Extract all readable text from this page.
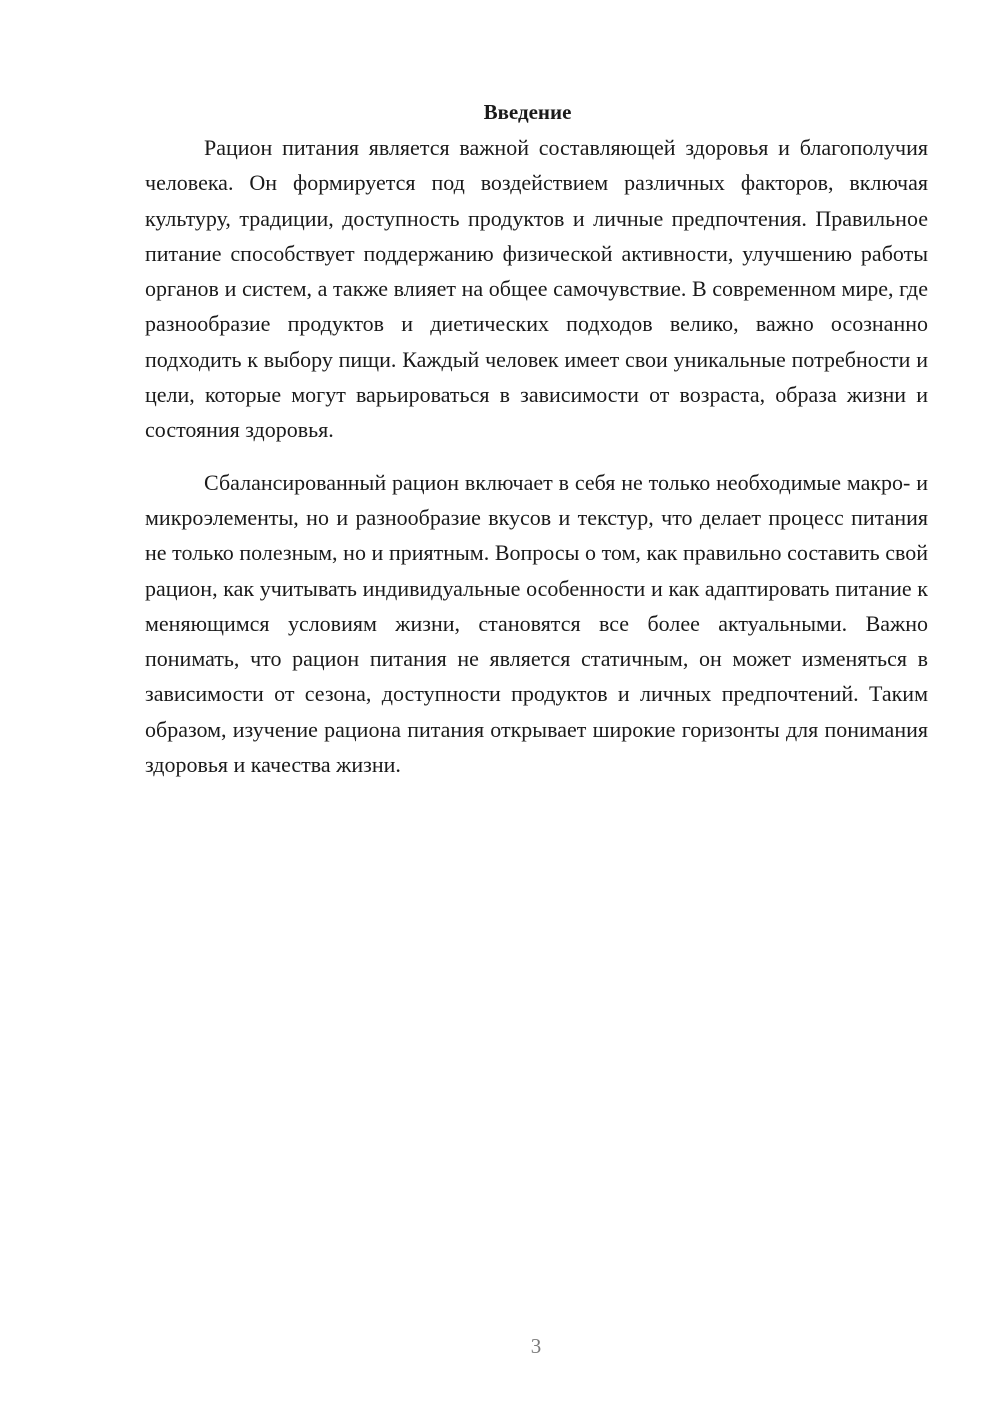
Введение

Рацион питания является важной составляющей здоровья и благополучия человека. Он формируется под воздействием различных факторов, включая культуру, традиции, доступность продуктов и личные предпочтения. Правильное питание способствует поддержанию физической активности, улучшению работы органов и систем, а также влияет на общее самочувствие. В современном мире, где разнообразие продуктов и диетических подходов велико, важно осознанно подходить к выбору пищи. Каждый человек имеет свои уникальные потребности и цели, которые могут варьироваться в зависимости от возраста, образа жизни и состояния здоровья.

Сбалансированный рацион включает в себя не только необходимые макро- и микроэлементы, но и разнообразие вкусов и текстур, что делает процесс питания не только полезным, но и приятным. Вопросы о том, как правильно составить свой рацион, как учитывать индивидуальные особенности и как адаптировать питание к меняющимся условиям жизни, становятся все более актуальными. Важно понимать, что рацион питания не является статичным, он может изменяться в зависимости от сезона, доступности продуктов и личных предпочтений. Таким образом, изучение рациона питания открывает широкие горизонты для понимания здоровья и качества жизни.

3
